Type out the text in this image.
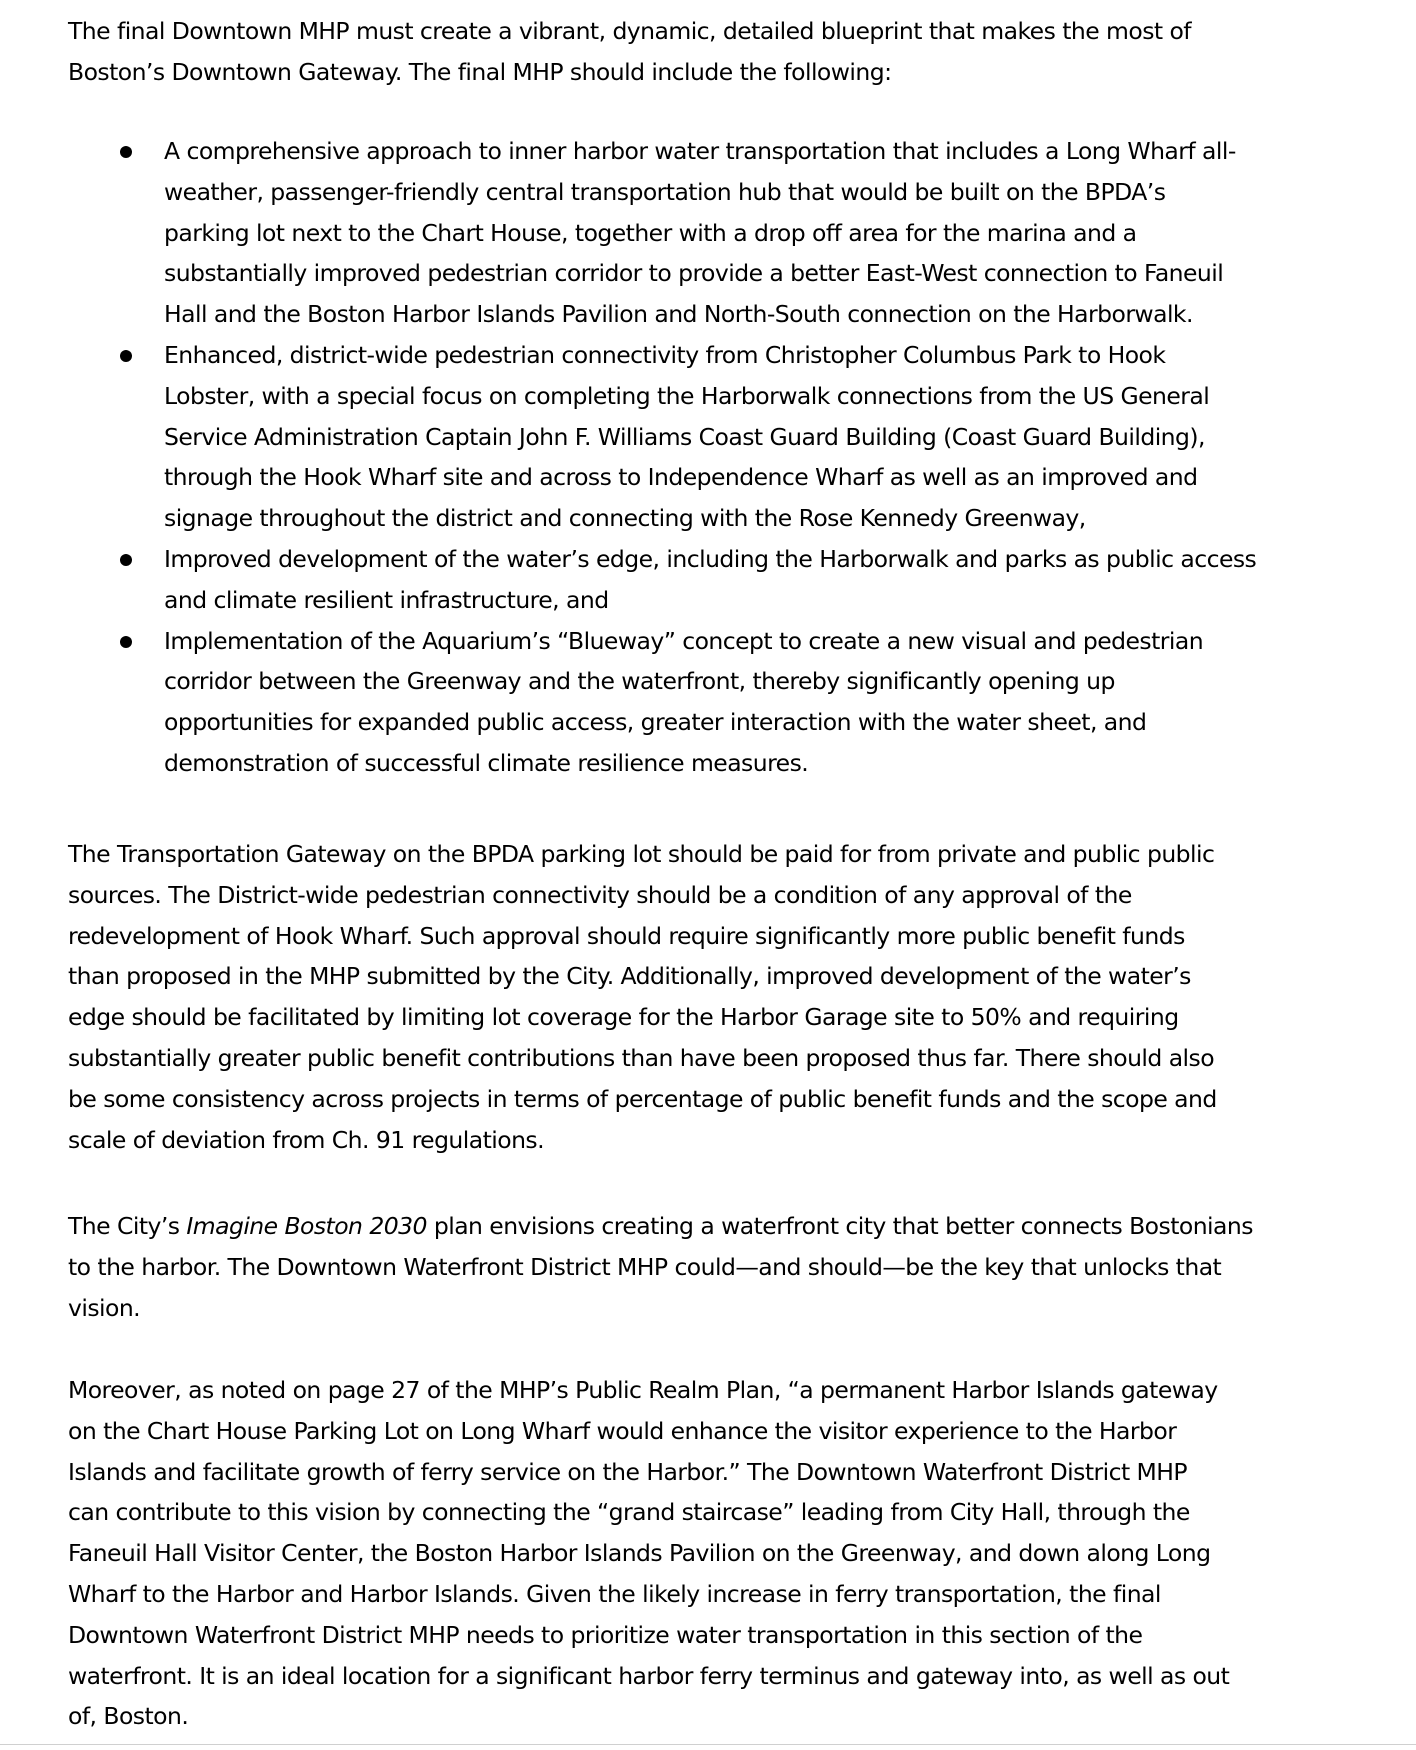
The final Downtown MHP must create a vibrant, dynamic, detailed blueprint that makes the most of
Boston’s Downtown Gateway. The final MHP should include the following:

A comprehensive approach to inner harbor water transportation that includes a Long Wharf all-
weather, passenger-friendly central transportation hub that would be built on the BPDA’s
parking lot next to the Chart House, together with a drop off area for the marina and a
substantially improved pedestrian corridor to provide a better East-West connection to Faneuil
Hall and the Boston Harbor Islands Pavilion and North-South connection on the Harborwalk.
Enhanced, district-wide pedestrian connectivity from Christopher Columbus Park to Hook
Lobster, with a special focus on completing the Harborwalk connections from the US General
Service Administration Captain John F. Williams Coast Guard Building (Coast Guard Building),
through the Hook Wharf site and across to Independence Wharf as well as an improved and
signage throughout the district and connecting with the Rose Kennedy Greenway,
Improved development of the water’s edge, including the Harborwalk and parks as public access
and climate resilient infrastructure, and
Implementation of the Aquarium’s “Blueway” concept to create a new visual and pedestrian
corridor between the Greenway and the waterfront, thereby significantly opening up
opportunities for expanded public access, greater interaction with the water sheet, and
demonstration of successful climate resilience measures.

The Transportation Gateway on the BPDA parking lot should be paid for from private and public public
sources. The District-wide pedestrian connectivity should be a condition of any approval of the
redevelopment of Hook Wharf. Such approval should require significantly more public benefit funds
than proposed in the MHP submitted by the City. Additionally, improved development of the water’s
edge should be facilitated by limiting lot coverage for the Harbor Garage site to 50% and requiring
substantially greater public benefit contributions than have been proposed thus far. There should also
be some consistency across projects in terms of percentage of public benefit funds and the scope and
scale of deviation from Ch. 91 regulations.

The City’s Imagine Boston 2030 plan envisions creating a waterfront city that better connects Bostonians
to the harbor. The Downtown Waterfront District MHP could—and should—be the key that unlocks that
vision.

Moreover, as noted on page 27 of the MHP’s Public Realm Plan, “a permanent Harbor Islands gateway
on the Chart House Parking Lot on Long Wharf would enhance the visitor experience to the Harbor
Islands and facilitate growth of ferry service on the Harbor.” The Downtown Waterfront District MHP
can contribute to this vision by connecting the “grand staircase” leading from City Hall, through the
Faneuil Hall Visitor Center, the Boston Harbor Islands Pavilion on the Greenway, and down along Long
Wharf to the Harbor and Harbor Islands. Given the likely increase in ferry transportation, the final
Downtown Waterfront District MHP needs to prioritize water transportation in this section of the
waterfront. It is an ideal location for a significant harbor ferry terminus and gateway into, as well as out
of, Boston.
